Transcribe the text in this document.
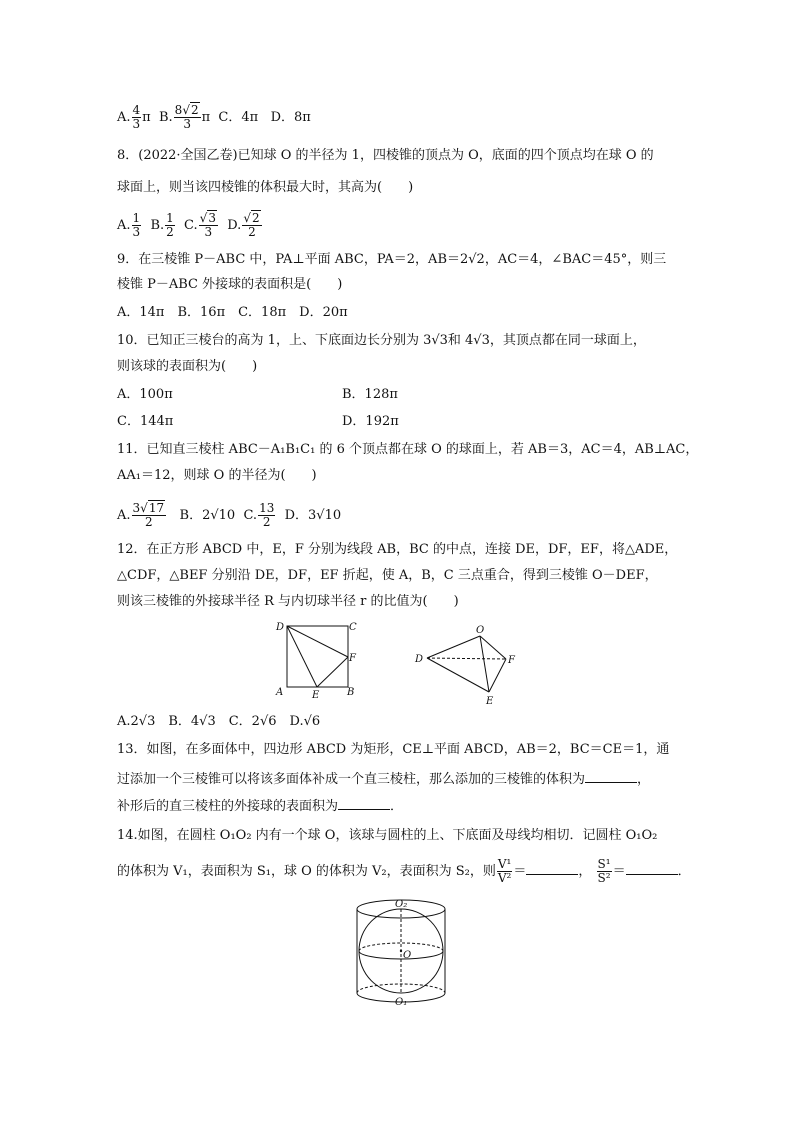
A. $\frac{4}{3}$ π B. $\frac{8√2}{3}$ π C．4π D．8π
8．(2022·全国乙卷)已知球 O 的半径为 1，四棱锥的顶点为 O，底面的四个顶点均在球 O 的
球面上，则当该四棱锥的体积最大时，其高为(　　)
A. $\frac{1}{3} B$. $\frac{1}{2} C$. $\frac{√3}{3} D$. $\frac{√2}{2}$
9．在三棱锥 P－ABC 中，PA⊥平面 ABC，PA＝2，AB＝2√2，AC＝4，∠BAC＝45°，则三
棱锥 P－ABC 外接球的表面积是(　　)
A．14π　B．16π　C．18π　D．20π
10．已知正三棱台的高为 1，上、下底面边长分别为 3√3和 4√3，其顶点都在同一球面上，
则该球的表面积为(　　)
A．100π	B．128π
C．144π	D．192π
11．已知直三棱柱 ABC－A₁B₁C₁ 的 6 个顶点都在球 O 的球面上，若 AB＝3，AC＝4，AB⊥AC，
AA₁＝12，则球 O 的半径为(　　)
A. $\frac{3√17}{2}$ B．2√10 C. $\frac{13}{2}$ D．3√10
12．在正方形 ABCD 中，E，F 分别为线段 AB，BC 的中点，连接 DE，DF，EF，将△ADE，
△CDF，△BEF 分别沿 DE，DF，EF 折起，使 A，B，C 三点重合，得到三棱锥 O－DEF，
则该三棱锥的外接球半径 R 与内切球半径 r 的比值为(　　)
D	C
F
A	E	B
O
D	F
E
A.2√3　B．4√3　C．2√6　D.√6
13．如图，在多面体中，四边形 ABCD 为矩形，CE⊥平面 ABCD，AB＝2，BC＝CE＝1，通
过添加一个三棱锥可以将该多面体补成一个直三棱柱，那么添加的三棱锥的体积为	，
补形后的直三棱柱的外接球的表面积为	．
14.如图，在圆柱 O₁O₂ 内有一个球 O，该球与圆柱的上、下底面及母线均相切．记圆柱 O₁O₂
的体积为 V₁，表面积为 S₁，球 O 的体积为 V₂，表面积为 S₂，则 $\frac{\text{V¹}}{\text{V²}}$ ＝	， $\frac{\text{S¹}}{\text{S²}}$ ＝	．
O₂
O
O₁
